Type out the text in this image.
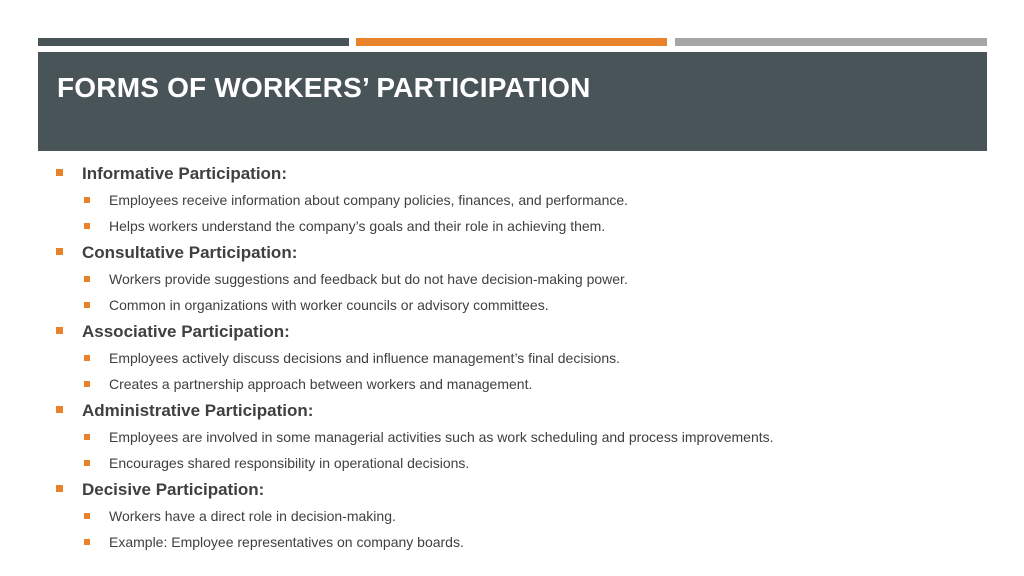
FORMS OF WORKERS’ PARTICIPATION
Informative Participation:
Employees receive information about company policies, finances, and performance.
Helps workers understand the company’s goals and their role in achieving them.
Consultative Participation:
Workers provide suggestions and feedback but do not have decision-making power.
Common in organizations with worker councils or advisory committees.
Associative Participation:
Employees actively discuss decisions and influence management’s final decisions.
Creates a partnership approach between workers and management.
Administrative Participation:
Employees are involved in some managerial activities such as work scheduling and process improvements.
Encourages shared responsibility in operational decisions.
Decisive Participation:
Workers have a direct role in decision-making.
Example: Employee representatives on company boards.
